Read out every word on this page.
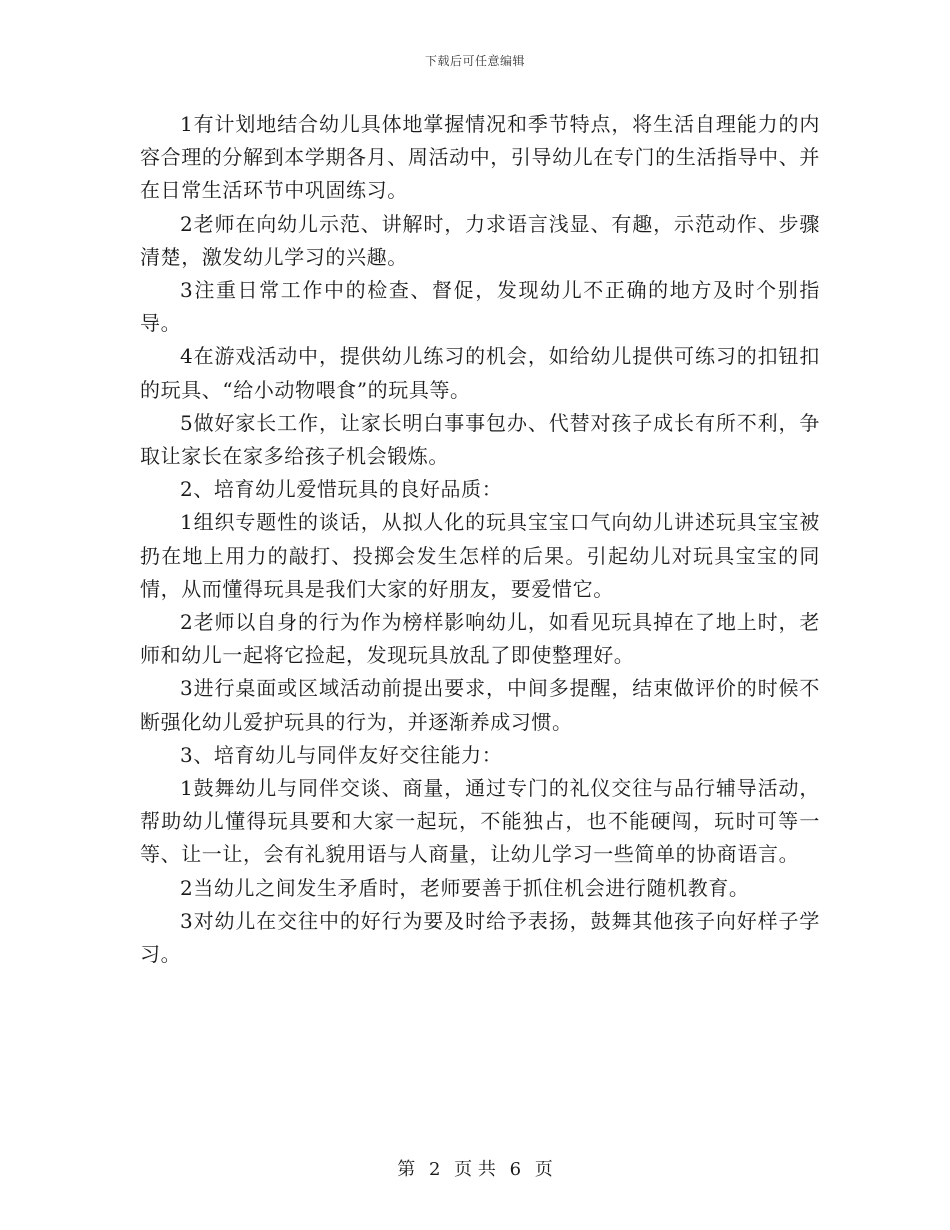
下载后可任意编辑

1有计划地结合幼儿具体地掌握情况和季节特点，将生活自理能力的内容合理的分解到本学期各月、周活动中，引导幼儿在专门的生活指导中、并在日常生活环节中巩固练习。

2老师在向幼儿示范、讲解时，力求语言浅显、有趣，示范动作、步骤清楚，激发幼儿学习的兴趣。

3注重日常工作中的检查、督促，发现幼儿不正确的地方及时个别指导。

4在游戏活动中，提供幼儿练习的机会，如给幼儿提供可练习的扣钮扣的玩具、“给小动物喂食”的玩具等。

5做好家长工作，让家长明白事事包办、代替对孩子成长有所不利，争取让家长在家多给孩子机会锻炼。

2、培育幼儿爱惜玩具的良好品质：

1组织专题性的谈话，从拟人化的玩具宝宝口气向幼儿讲述玩具宝宝被扔在地上用力的敲打、投掷会发生怎样的后果。引起幼儿对玩具宝宝的同情，从而懂得玩具是我们大家的好朋友，要爱惜它。

2老师以自身的行为作为榜样影响幼儿，如看见玩具掉在了地上时，老师和幼儿一起将它捡起，发现玩具放乱了即使整理好。

3进行桌面或区域活动前提出要求，中间多提醒，结束做评价的时候不断强化幼儿爱护玩具的行为，并逐渐养成习惯。

3、培育幼儿与同伴友好交往能力：

1鼓舞幼儿与同伴交谈、商量，通过专门的礼仪交往与品行辅导活动，帮助幼儿懂得玩具要和大家一起玩，不能独占，也不能硬闯，玩时可等一等、让一让，会有礼貌用语与人商量，让幼儿学习一些简单的协商语言。

2当幼儿之间发生矛盾时，老师要善于抓住机会进行随机教育。

3对幼儿在交往中的好行为要及时给予表扬，鼓舞其他孩子向好样子学习。

第 2 页 共 6 页
